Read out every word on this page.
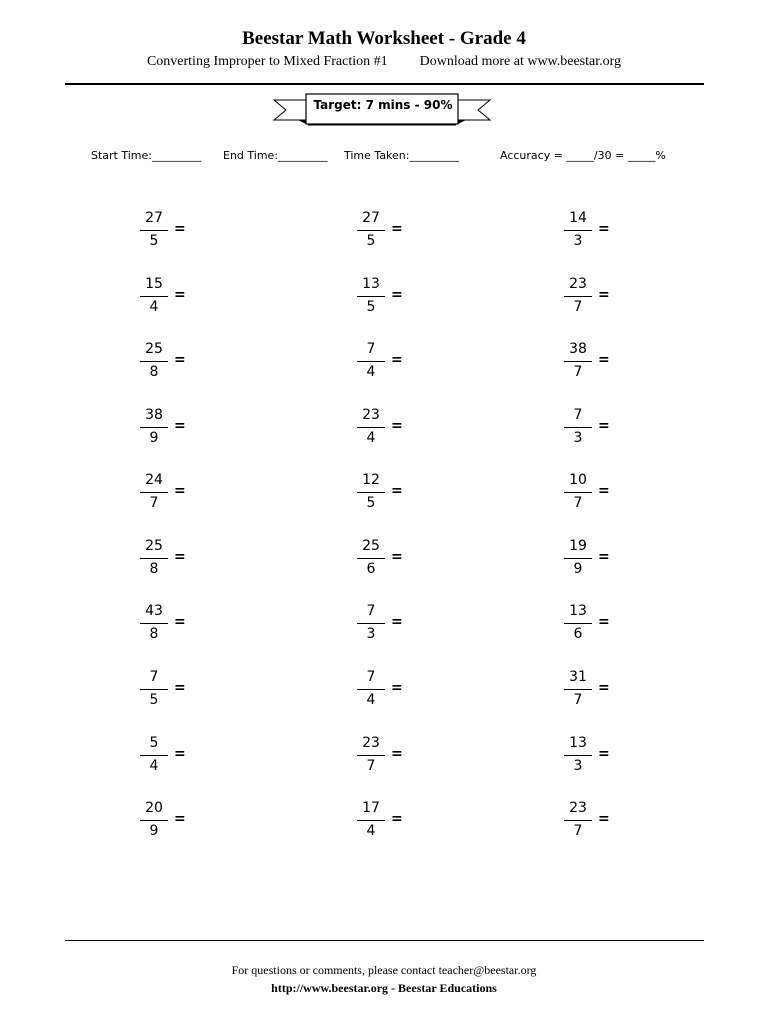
Beestar Math Worksheet - Grade 4
Converting Improper to Mixed Fraction #1 Download more at www.beestar.org
Target: 7 mins - 90%
Start Time:_________ End Time:_________ Time Taken:_________	Accuracy = _____/30 = _____%
27
5
=
15
4
=
25
8
=
38
9
=
24
7
=
25
8
=
43
8
=
7
5
=
5
4
=
20
9
=
27
5
=
13
5
=
7
4
=
23
4
=
12
5
=
25
6
=
7
3
=
7
4
=
23
7
=
17
4
=
14
3
=
23
7
=
38
7
=
7
3
=
10
7
=
19
9
=
13
6
=
31
7
=
13
3
=
23
7
=
For questions or comments, please contact teacher@beestar.org
http://www.beestar.org - Beestar Educations
